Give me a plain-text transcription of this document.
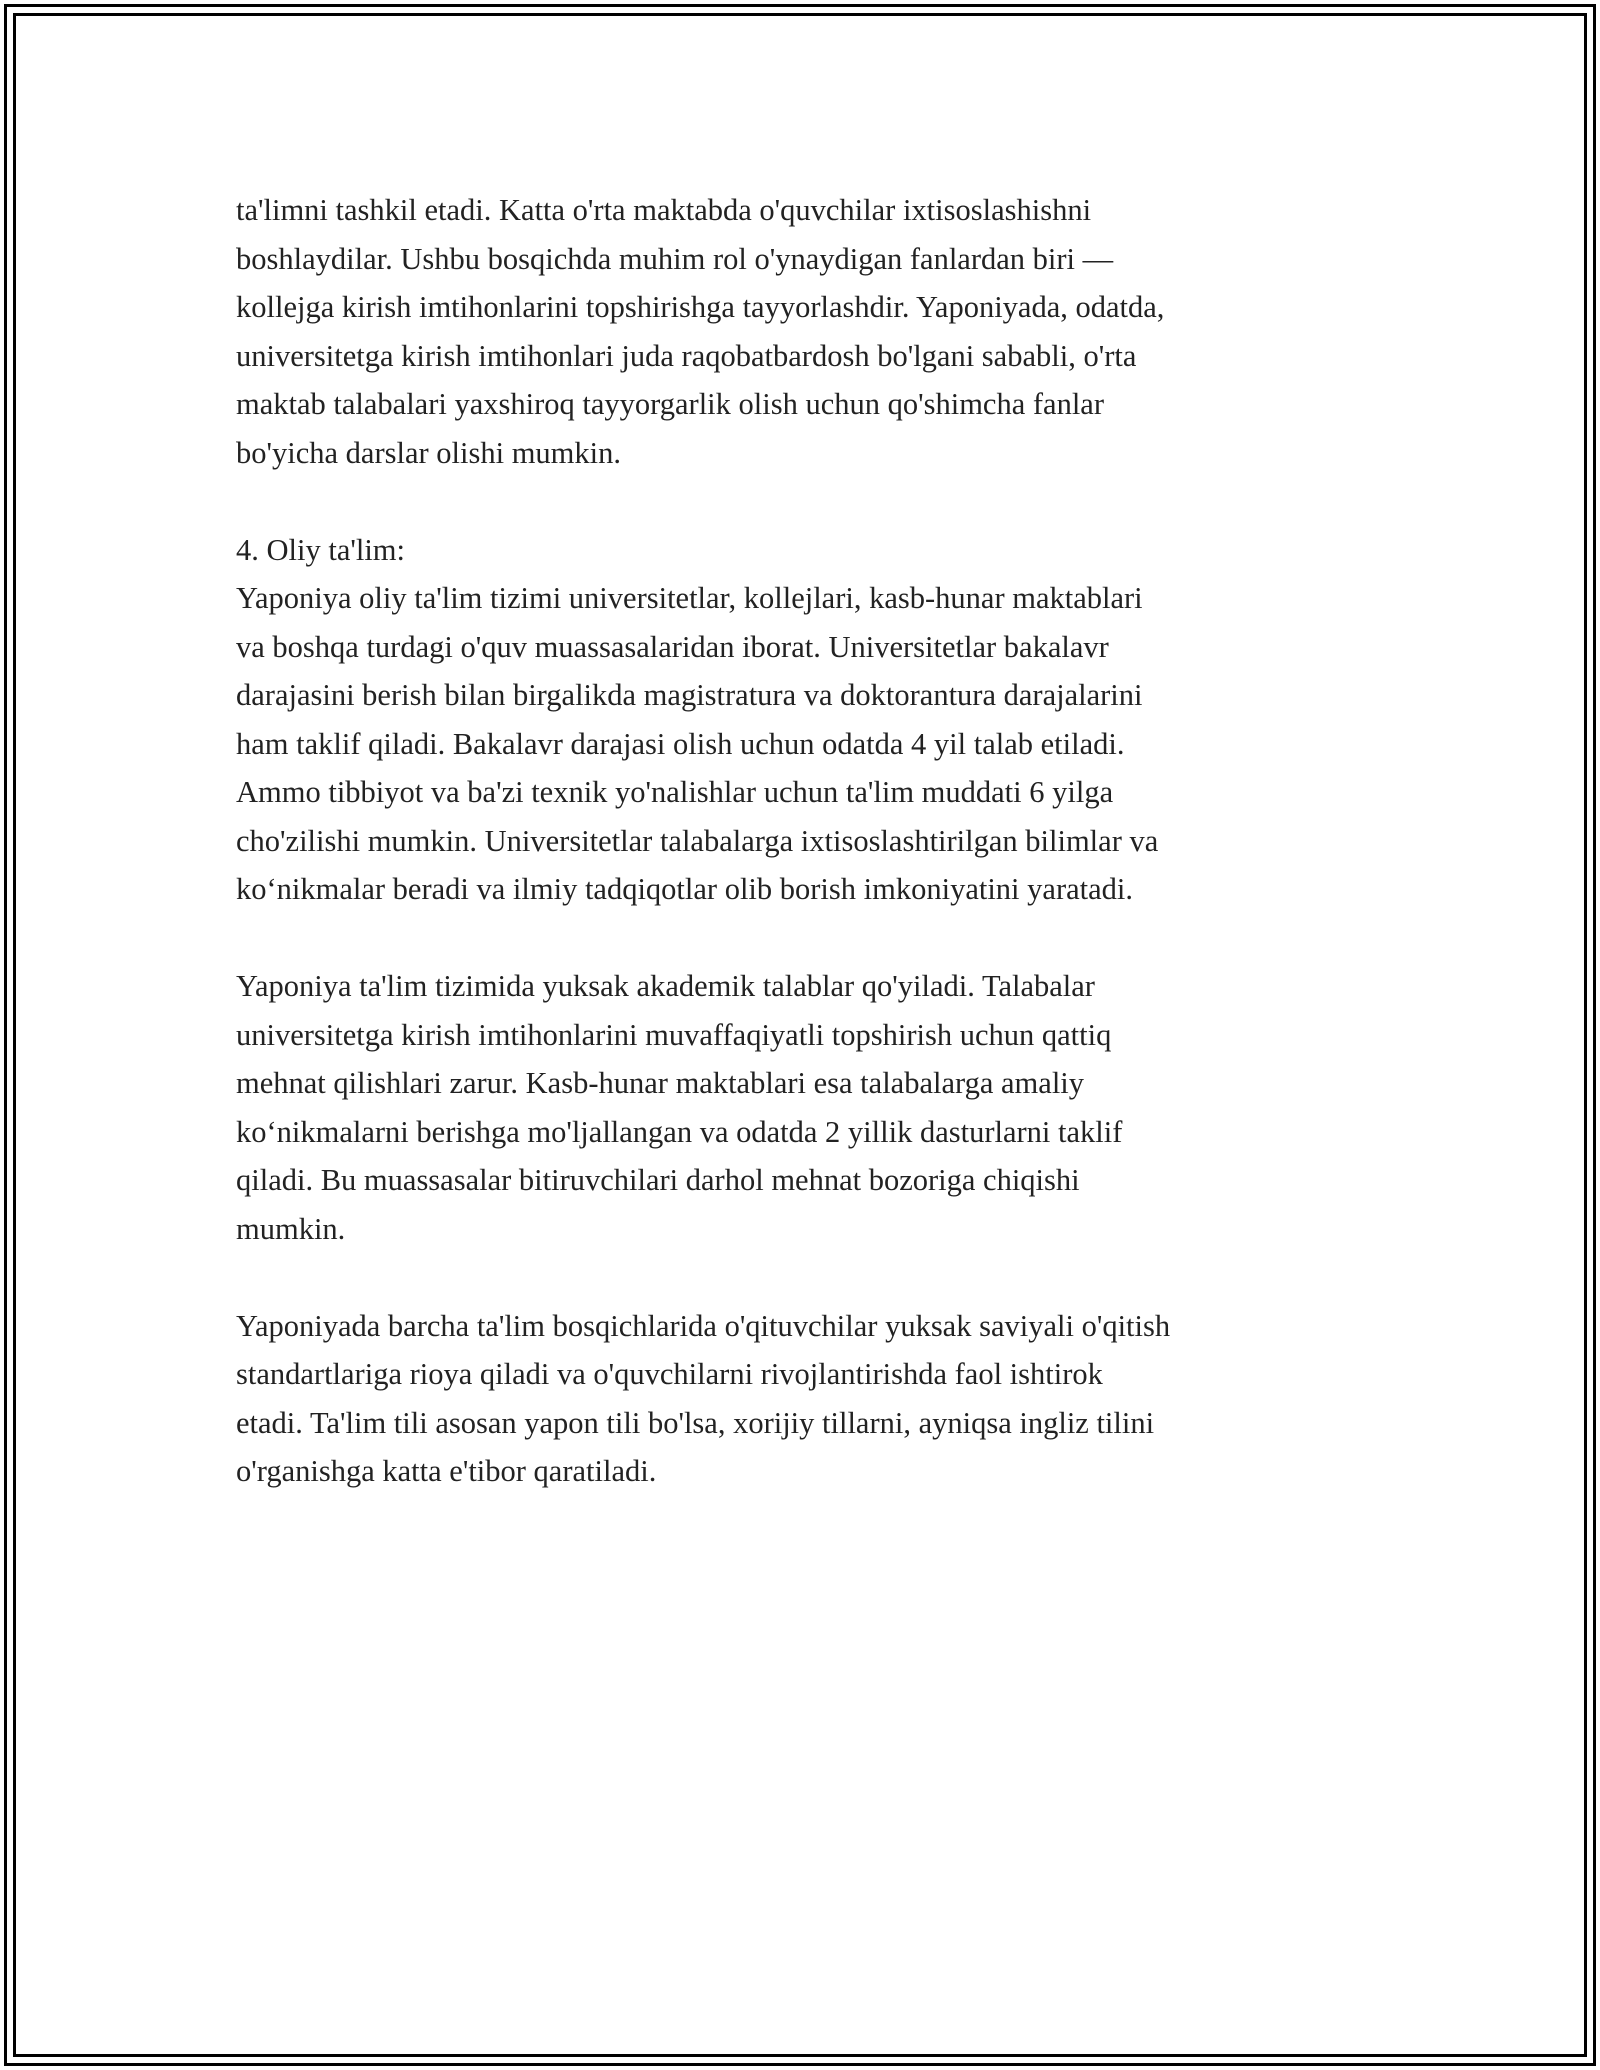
ta'limni tashkil etadi. Katta o'rta maktabda o'quvchilar ixtisoslashishni
boshlaydilar. Ushbu bosqichda muhim rol o'ynaydigan fanlardan biri —
kollejga kirish imtihonlarini topshirishga tayyorlashdir. Yaponiyada, odatda,
universitetga kirish imtihonlari juda raqobatbardosh bo'lgani sababli, o'rta
maktab talabalari yaxshiroq tayyorgarlik olish uchun qo'shimcha fanlar
bo'yicha darslar olishi mumkin.
4. Oliy ta'lim:
Yaponiya oliy ta'lim tizimi universitetlar, kollejlari, kasb-hunar maktablari
va boshqa turdagi o'quv muassasalaridan iborat. Universitetlar bakalavr
darajasini berish bilan birgalikda magistratura va doktorantura darajalarini
ham taklif qiladi. Bakalavr darajasi olish uchun odatda 4 yil talab etiladi.
Ammo tibbiyot va ba'zi texnik yo'nalishlar uchun ta'lim muddati 6 yilga
cho'zilishi mumkin. Universitetlar talabalarga ixtisoslashtirilgan bilimlar va
ko‘nikmalar beradi va ilmiy tadqiqotlar olib borish imkoniyatini yaratadi.
Yaponiya ta'lim tizimida yuksak akademik talablar qo'yiladi. Talabalar
universitetga kirish imtihonlarini muvaffaqiyatli topshirish uchun qattiq
mehnat qilishlari zarur. Kasb-hunar maktablari esa talabalarga amaliy
ko‘nikmalarni berishga mo'ljallangan va odatda 2 yillik dasturlarni taklif
qiladi. Bu muassasalar bitiruvchilari darhol mehnat bozoriga chiqishi
mumkin.
Yaponiyada barcha ta'lim bosqichlarida o'qituvchilar yuksak saviyali o'qitish
standartlariga rioya qiladi va o'quvchilarni rivojlantirishda faol ishtirok
etadi. Ta'lim tili asosan yapon tili bo'lsa, xorijiy tillarni, ayniqsa ingliz tilini
o'rganishga katta e'tibor qaratiladi.
